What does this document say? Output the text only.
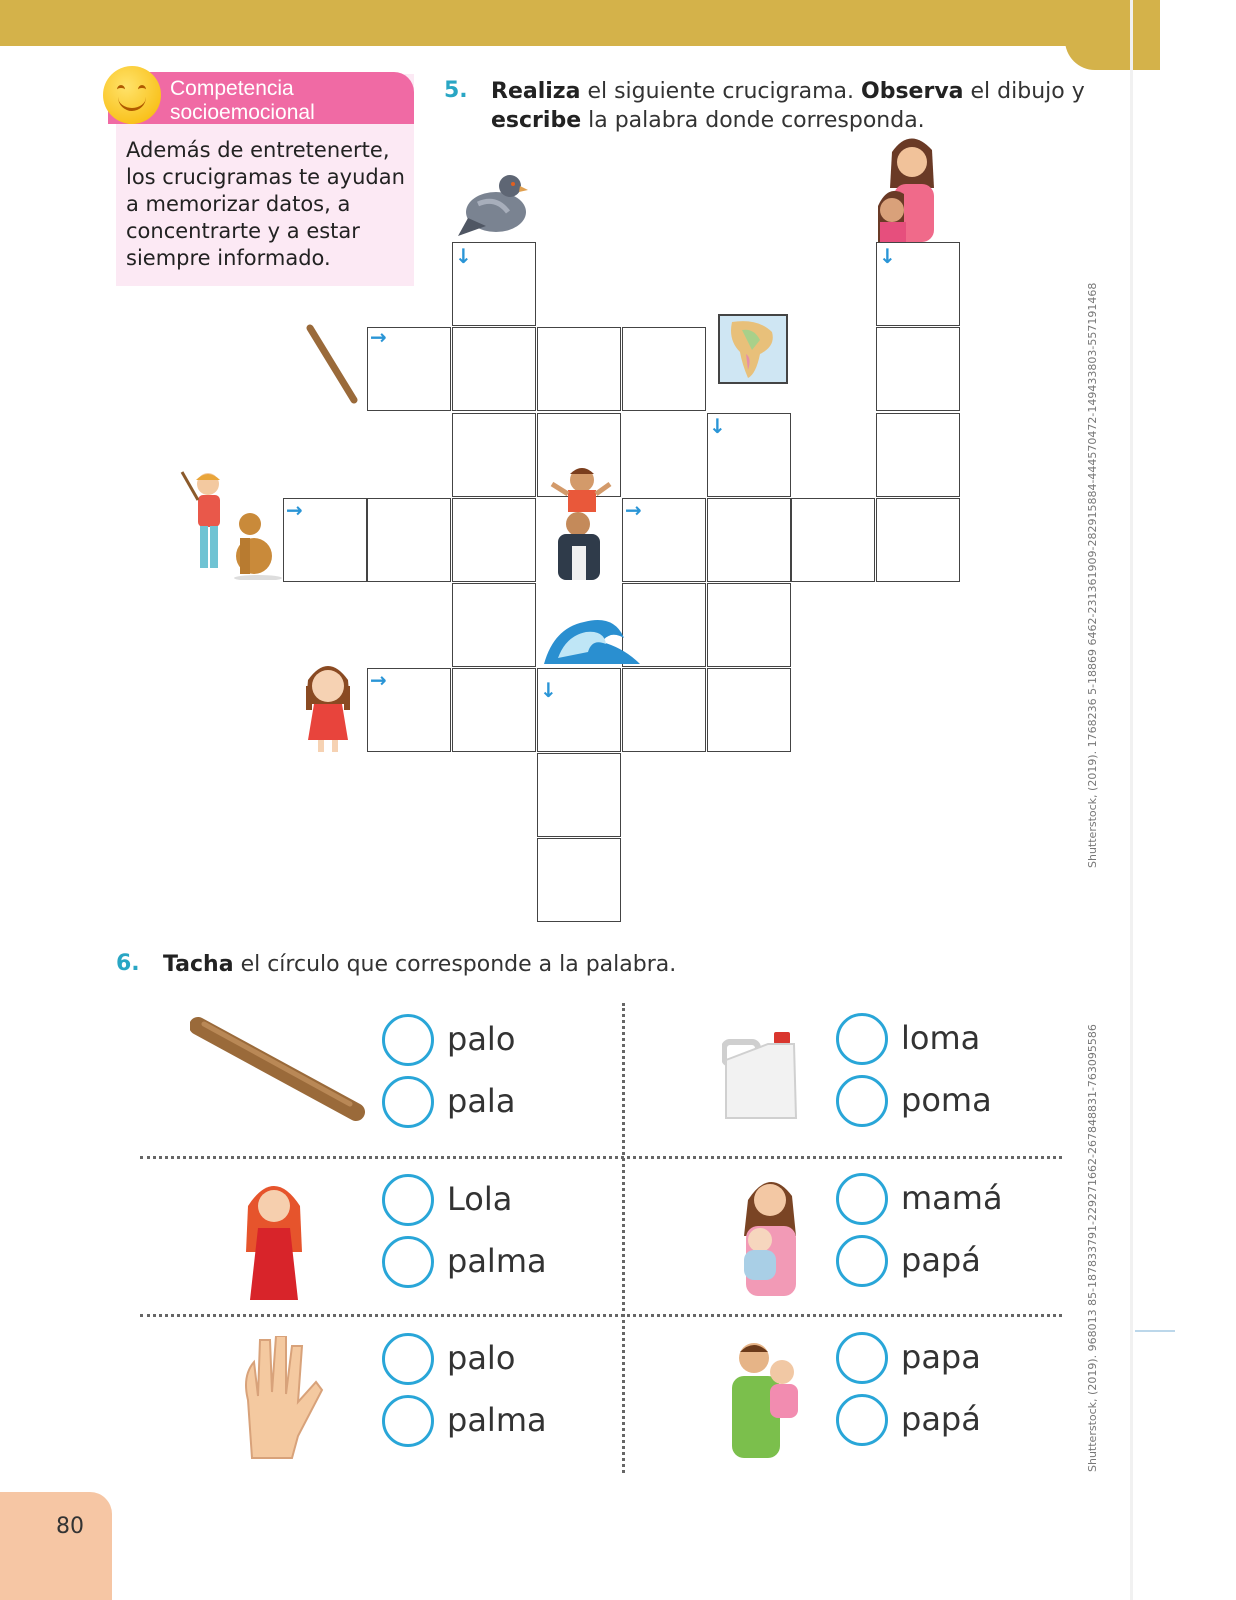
Competencia
socioemocional
Además de entretenerte, los crucigramas te ayudan a memorizar datos, a concentrarte y a estar siempre informado.
5. Realiza el siguiente crucigrama. Observa el dibujo y escribe la palabra donde corresponda.
↓	↓
→
↓
→	→
→	↓
6. Tacha el círculo que corresponde a la palabra.
palo
pala
loma
poma
Lola
palma
mamá
papá
palo
palma
papa
papá
Shutterstock, (2019). 1768236 5-18869 6462-231361909-282915884-444570472-149433803-557191468
Shutterstock, (2019). 968013 85-187833791-229271662-267848831-763095586
80
